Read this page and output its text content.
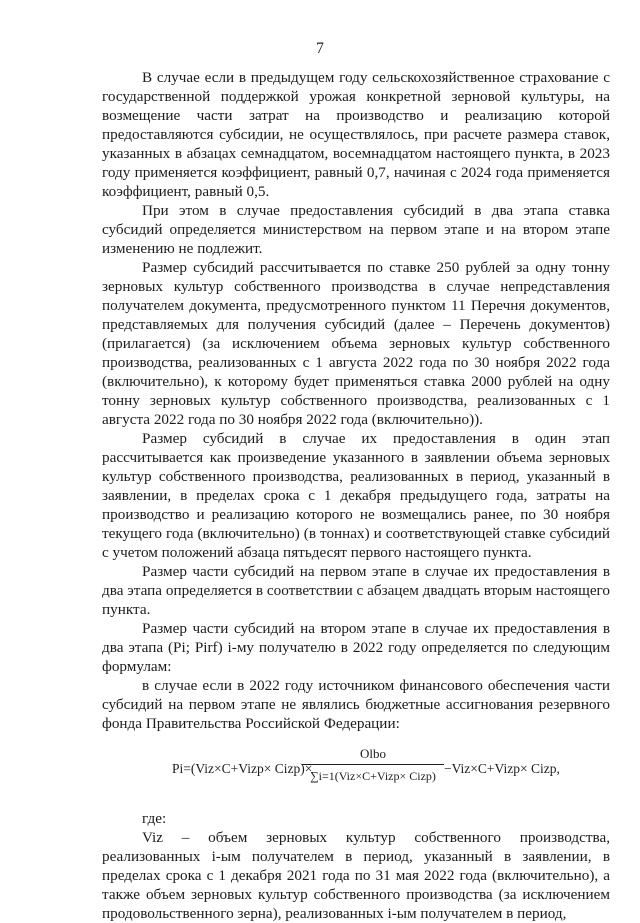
7

В случае если в предыдущем году сельскохозяйственное страхование с государственной поддержкой урожая конкретной зерновой культуры, на возмещение части затрат на производство и реализацию которой предоставляются субсидии, не осуществлялось, при расчете размера ставок, указанных в абзацах семнадцатом, восемнадцатом настоящего пункта, в 2023 году применяется коэффициент, равный 0,7, начиная с 2024 года применяется коэффициент, равный 0,5.

При этом в случае предоставления субсидий в два этапа ставка субсидий определяется министерством на первом этапе и на втором этапе изменению не подлежит.

Размер субсидий рассчитывается по ставке 250 рублей за одну тонну зерновых культур собственного производства в случае непредставления получателем документа, предусмотренного пунктом 11 Перечня документов, представляемых для получения субсидий (далее – Перечень документов) (прилагается) (за исключением объема зерновых культур собственного производства, реализованных с 1 августа 2022 года по 30 ноября 2022 года (включительно), к которому будет применяться ставка 2000 рублей на одну тонну зерновых культур собственного производства, реализованных с 1 августа 2022 года по 30 ноября 2022 года (включительно)).

Размер субсидий в случае их предоставления в один этап рассчитывается как произведение указанного в заявлении объема зерновых культур собственного производства, реализованных в период, указанный в заявлении, в пределах срока с 1 декабря предыдущего года, затраты на производство и реализацию которого не возмещались ранее, по 30 ноября текущего года (включительно) (в тоннах) и соответствующей ставке субсидий с учетом положений абзаца пятьдесят первого настоящего пункта.

Размер части субсидий на первом этапе в случае их предоставления в два этапа определяется в соответствии с абзацем двадцать вторым настоящего пункта.

Размер части субсидий на втором этапе в случае их предоставления в два этапа (Pi; Pirf) i-му получателю в 2022 году определяется по следующим формулам:

в случае если в 2022 году источником финансового обеспечения части субсидий на первом этапе не являлись бюджетные ассигнования резервного фонда Правительства Российской Федерации:

Pi=(Viz×C+Vizp× Cizp)×
Olbo
∑i=1(Viz×C+Vizp× Cizp) −Viz×C+Vizp× Cizp,

где:

Viz – объем зерновых культур собственного производства, реализованных i-ым получателем в период, указанный в заявлении, в пределах срока с 1 декабря 2021 года по 31 мая 2022 года (включительно), а также объем зерновых культур собственного производства (за исключением продовольственного зерна), реализованных i-ым получателем в период,
